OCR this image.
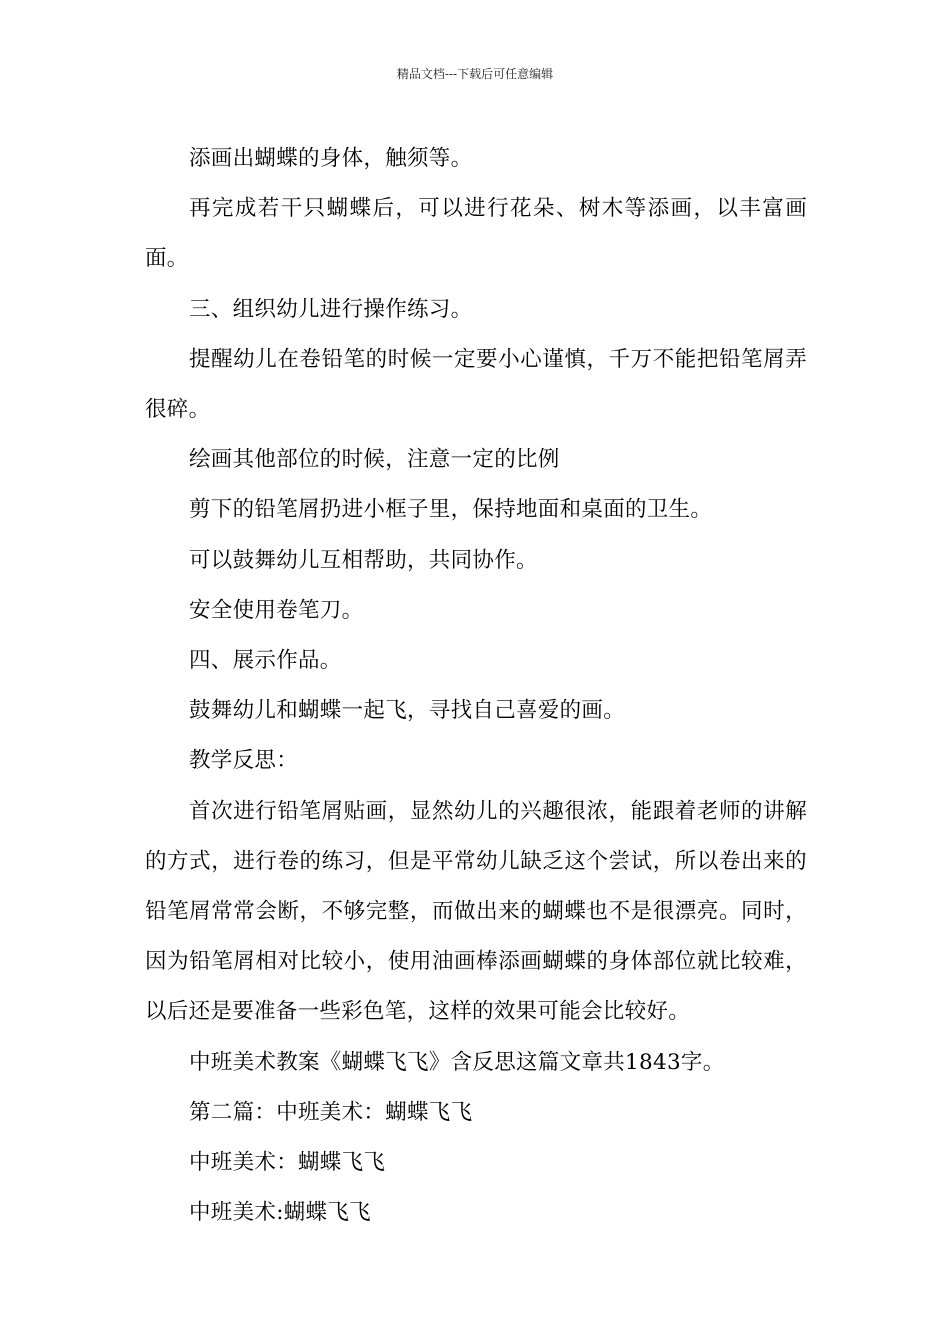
精品文档---下载后可任意编辑

添画出蝴蝶的身体，触须等。

再完成若干只蝴蝶后，可以进行花朵、树木等添画，以丰富画面。

三、组织幼儿进行操作练习。

提醒幼儿在卷铅笔的时候一定要小心谨慎，千万不能把铅笔屑弄很碎。

绘画其他部位的时候，注意一定的比例

剪下的铅笔屑扔进小框子里，保持地面和桌面的卫生。

可以鼓舞幼儿互相帮助，共同协作。

安全使用卷笔刀。

四、展示作品。

鼓舞幼儿和蝴蝶一起飞，寻找自己喜爱的画。

教学反思：

首次进行铅笔屑贴画，显然幼儿的兴趣很浓，能跟着老师的讲解的方式，进行卷的练习，但是平常幼儿缺乏这个尝试，所以卷出来的铅笔屑常常会断，不够完整，而做出来的蝴蝶也不是很漂亮。同时，因为铅笔屑相对比较小，使用油画棒添画蝴蝶的身体部位就比较难，以后还是要准备一些彩色笔，这样的效果可能会比较好。

中班美术教案《蝴蝶飞飞》含反思这篇文章共1843字。

第二篇：中班美术：蝴蝶飞飞

中班美术：蝴蝶飞飞

中班美术:蝴蝶飞飞
